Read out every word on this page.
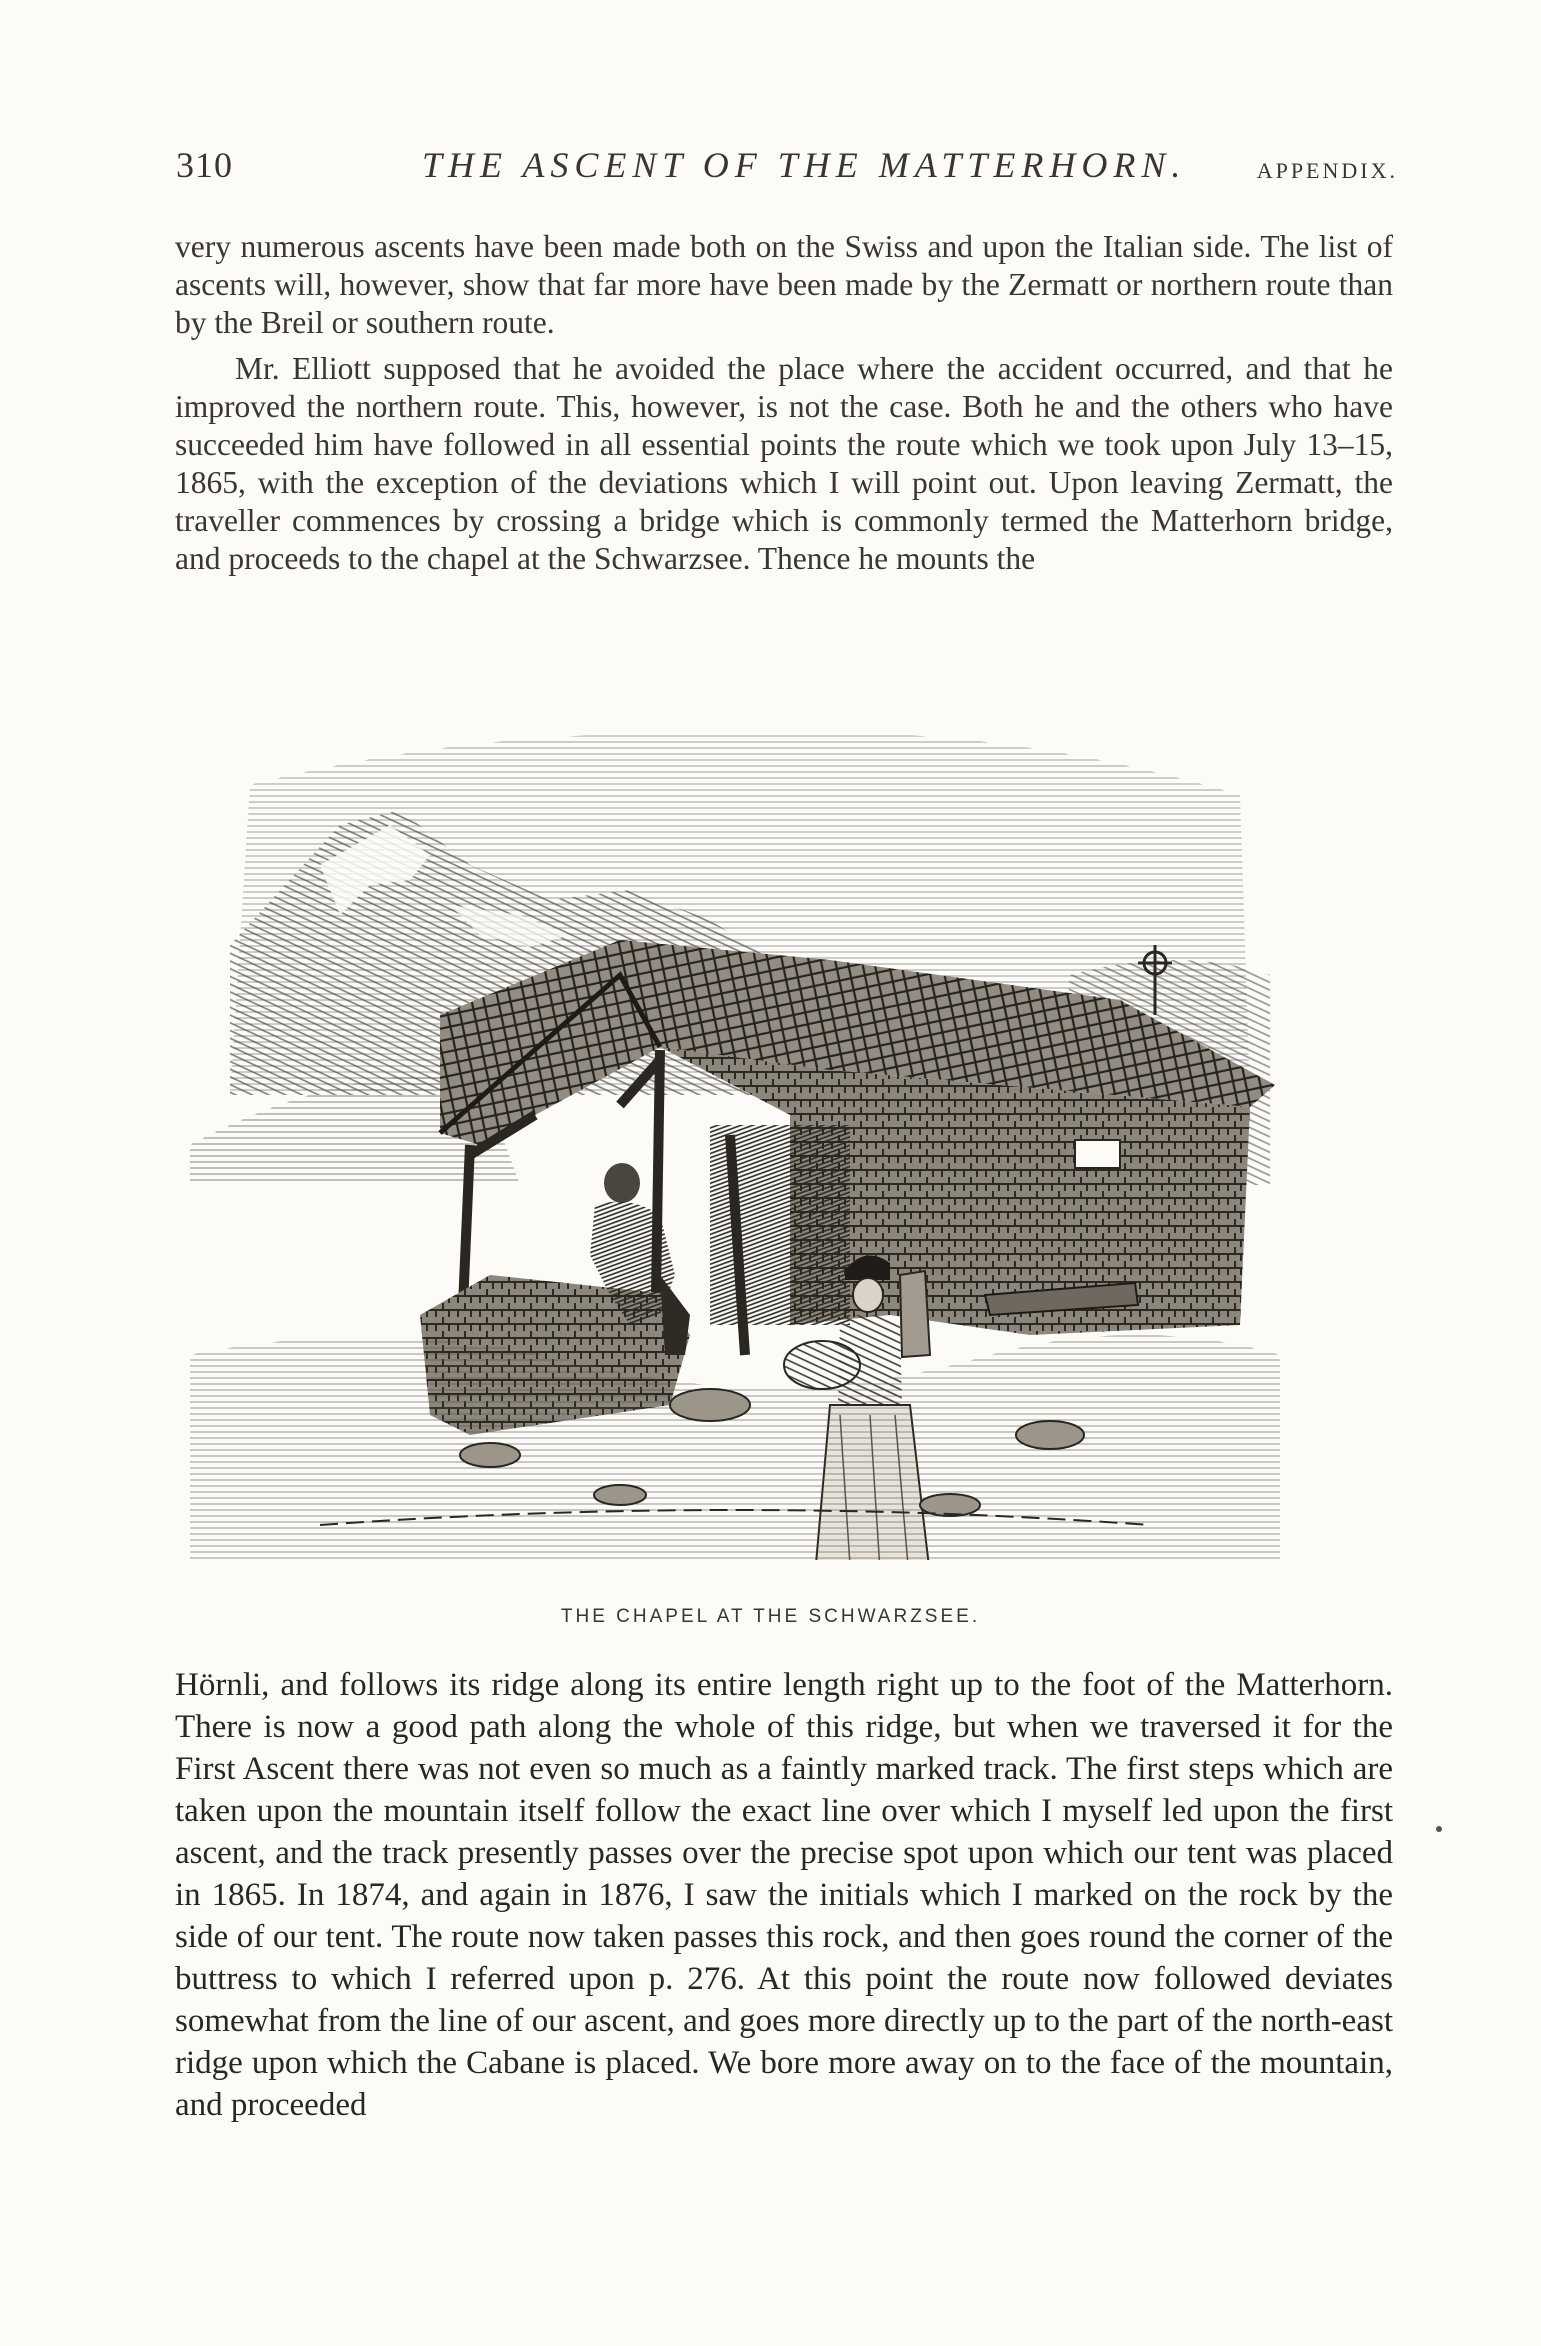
310	THE ASCENT OF THE MATTERHORN.	APPENDIX.

very numerous ascents have been made both on the Swiss and upon the Italian side. The list of ascents will, however, show that far more have been made by the Zermatt or northern route than by the Breil or southern route.

Mr. Elliott supposed that he avoided the place where the accident occurred, and that he improved the northern route. This, however, is not the case. Both he and the others who have succeeded him have followed in all essential points the route which we took upon July 13–15, 1865, with the exception of the deviations which I will point out. Upon leaving Zermatt, the traveller commences by crossing a bridge which is commonly termed the Matterhorn bridge, and proceeds to the chapel at the Schwarzsee. Thence he mounts the

THE CHAPEL AT THE SCHWARZSEE.

Hörnli, and follows its ridge along its entire length right up to the foot of the Matterhorn. There is now a good path along the whole of this ridge, but when we traversed it for the First Ascent there was not even so much as a faintly marked track. The first steps which are taken upon the mountain itself follow the exact line over which I myself led upon the first ascent, and the track presently passes over the precise spot upon which our tent was placed in 1865. In 1874, and again in 1876, I saw the initials which I marked on the rock by the side of our tent. The route now taken passes this rock, and then goes round the corner of the buttress to which I referred upon p. 276. At this point the route now followed deviates somewhat from the line of our ascent, and goes more directly up to the part of the north-east ridge upon which the Cabane is placed. We bore more away on to the face of the mountain, and proceeded
